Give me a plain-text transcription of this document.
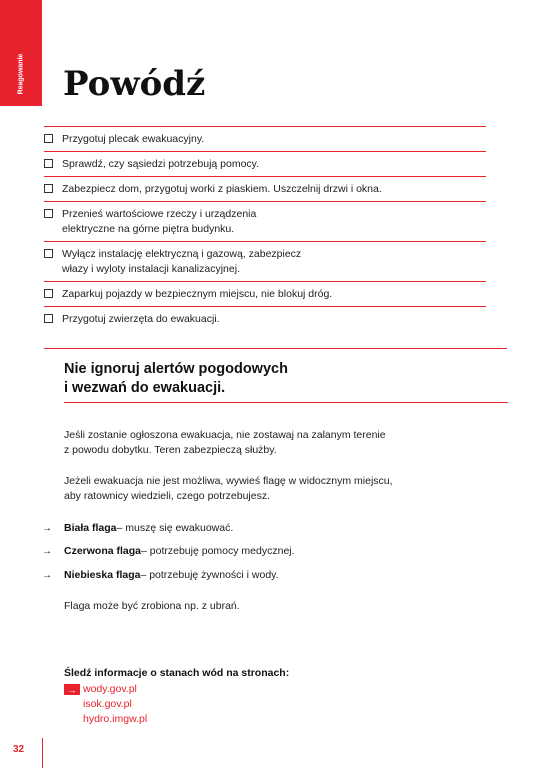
Reagowanie Powódź
Przygotuj plecak ewakuacyjny.
Sprawdź, czy sąsiedzi potrzebują pomocy.
Zabezpiecz dom, przygotuj worki z piaskiem. Uszczelnij drzwi i okna.
Przenieś wartościowe rzeczy i urządzenia
elektryczne na górne piętra budynku.
Wyłącz instalację elektryczną i gazową, zabezpiecz
włazy i wyloty instalacji kanalizacyjnej.
Zaparkuj pojazdy w bezpiecznym miejscu, nie blokuj dróg.
Przygotuj zwierzęta do ewakuacji.
Nie ignoruj alertów pogodowych
i wezwań do ewakuacji.

Jeśli zostanie ogłoszona ewakuacja, nie zostawaj na zalanym terenie
z powodu dobytku. Teren zabezpieczą służby.

Jeżeli ewakuacja nie jest możliwa, wywieś flagę w widocznym miejscu,
aby ratownicy wiedzieli, czego potrzebujesz.

→	Biała flaga – muszę się ewakuować.
→	Czerwona flaga – potrzebuję pomocy medycznej.
→	Niebieska flaga – potrzebuję żywności i wody.

Flaga może być zrobiona np. z ubrań.

Śledź informacje o stanach wód na stronach:

→ wody.gov.pl
isok.gov.pl
hydro.imgw.pl
32
